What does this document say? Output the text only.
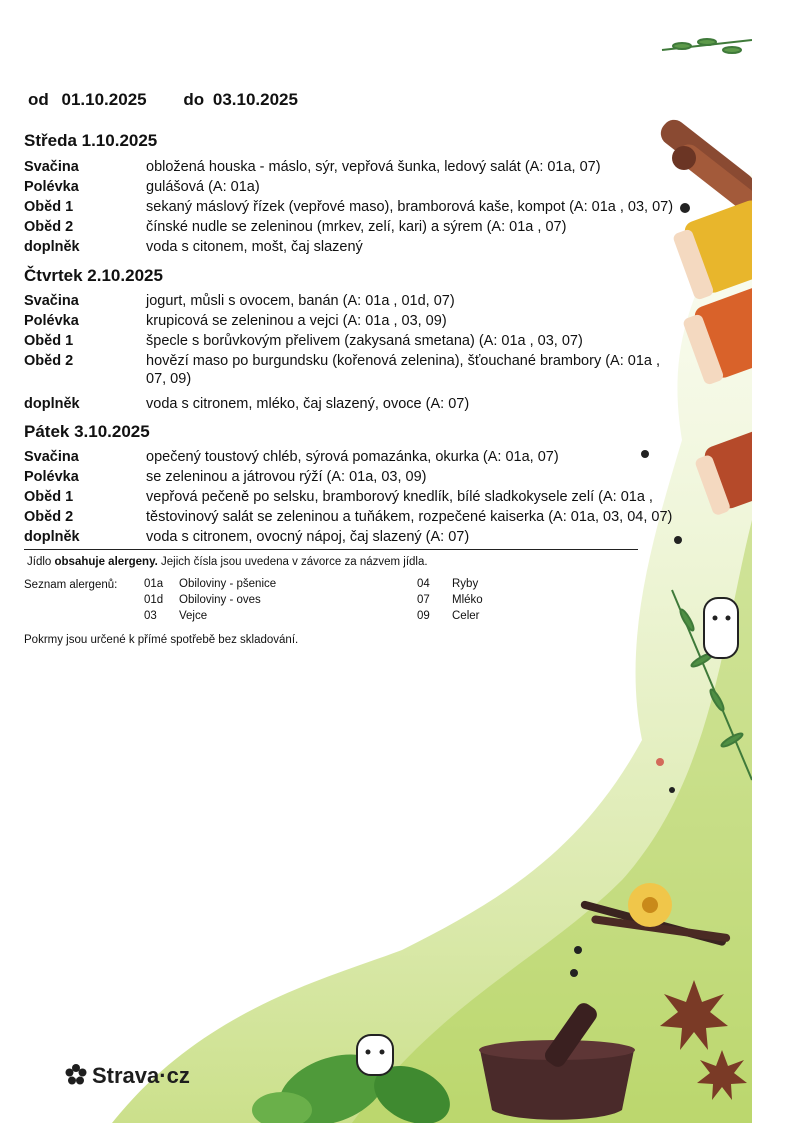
od 01.10.2025 do 03.10.2025
Středa 1.10.2025
Svačina	obložená houska - máslo, sýr, vepřová šunka, ledový salát (A: 01a, 07)
Polévka	gulášová (A: 01a)
Oběd 1	sekaný máslový řízek (vepřové maso), bramborová kaše, kompot (A: 01a , 03, 07)
Oběd 2	čínské nudle se zeleninou (mrkev, zelí, kari) a sýrem (A: 01a , 07)
doplněk	voda s citonem, mošt, čaj slazený
Čtvrtek 2.10.2025
Svačina	jogurt, můsli s ovocem, banán (A: 01a , 01d, 07)
Polévka	krupicová se zeleninou a vejci (A: 01a , 03, 09)
Oběd 1	špecle s borůvkovým přelivem (zakysaná smetana) (A: 01a , 03, 07)
Oběd 2	hovězí maso po burgundsku (kořenová zelenina), šťouchané brambory (A: 01a ,
07, 09)
doplněk	voda s citronem, mléko, čaj slazený, ovoce (A: 07)
Pátek 3.10.2025
Svačina	opečený toustový chléb, sýrová pomazánka, okurka (A: 01a, 07)
Polévka	se zeleninou a játrovou rýží (A: 01a, 03, 09)
Oběd 1	vepřová pečeně po selsku, bramborový knedlík, bílé sladkokysele zelí (A: 01a ,
Oběd 2	těstovinový salát se zeleninou a tuňákem, rozpečené kaiserka (A: 01a, 03, 04, 07)
doplněk	voda s citronem, ovocný nápoj, čaj slazený (A: 07)
Jídlo obsahuje alergeny. Jejich čísla jsou uvedena v závorce za názvem jídla.
Seznam alergenů: 01a Obiloviny - pšenice
01d Obiloviny - oves
03 Vejce
04 Ryby
07 Mléko
09 Celer
Pokrmy jsou určené k přímé spotřebě bez skladování.
Strava·cz
